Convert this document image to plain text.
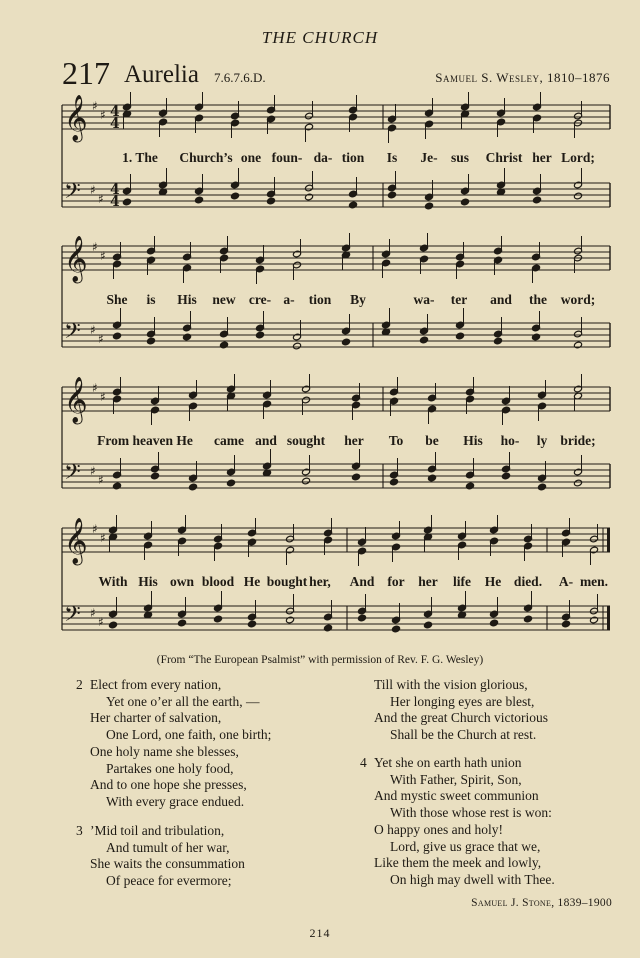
THE CHURCH
217 Aurelia 7.6.7.6.D.	Samuel S. Wesley, 1810–1876
𝄞 ♯
♯ 4
4
𝄢 ♯
♯
4
4
𝄞 ♯
♯
𝄢 ♯
♯
𝄞 ♯
♯
𝄢 ♯
♯
𝄞 ♯
♯
𝄢 ♯
♯
1. The Church’s one foun- da- tion Is Je- sus Christ her Lord;
She is His new cre- a- tion By	wa- ter and the word;
From heaven He came and sought her To be His ho- ly bride;
With His own blood He bought her, And for her life He died. A- men.
(From “The European Psalmist” with permission of Rev. F. G. Wesley)
2 Elect from every nation,
Yet one o’er all the earth, —
Her charter of salvation,
One Lord, one faith, one birth;
One holy name she blesses,
Partakes one holy food,
And to one hope she presses,
With every grace endued.
3 ’Mid toil and tribulation,
And tumult of her war,
She waits the consummation
Of peace for evermore;
Till with the vision glorious,
Her longing eyes are blest,
And the great Church victorious
Shall be the Church at rest.
4 Yet she on earth hath union
With Father, Spirit, Son,
And mystic sweet communion
With those whose rest is won:
O happy ones and holy!
Lord, give us grace that we,
Like them the meek and lowly,
On high may dwell with Thee.
Samuel J. Stone, 1839–1900
214
